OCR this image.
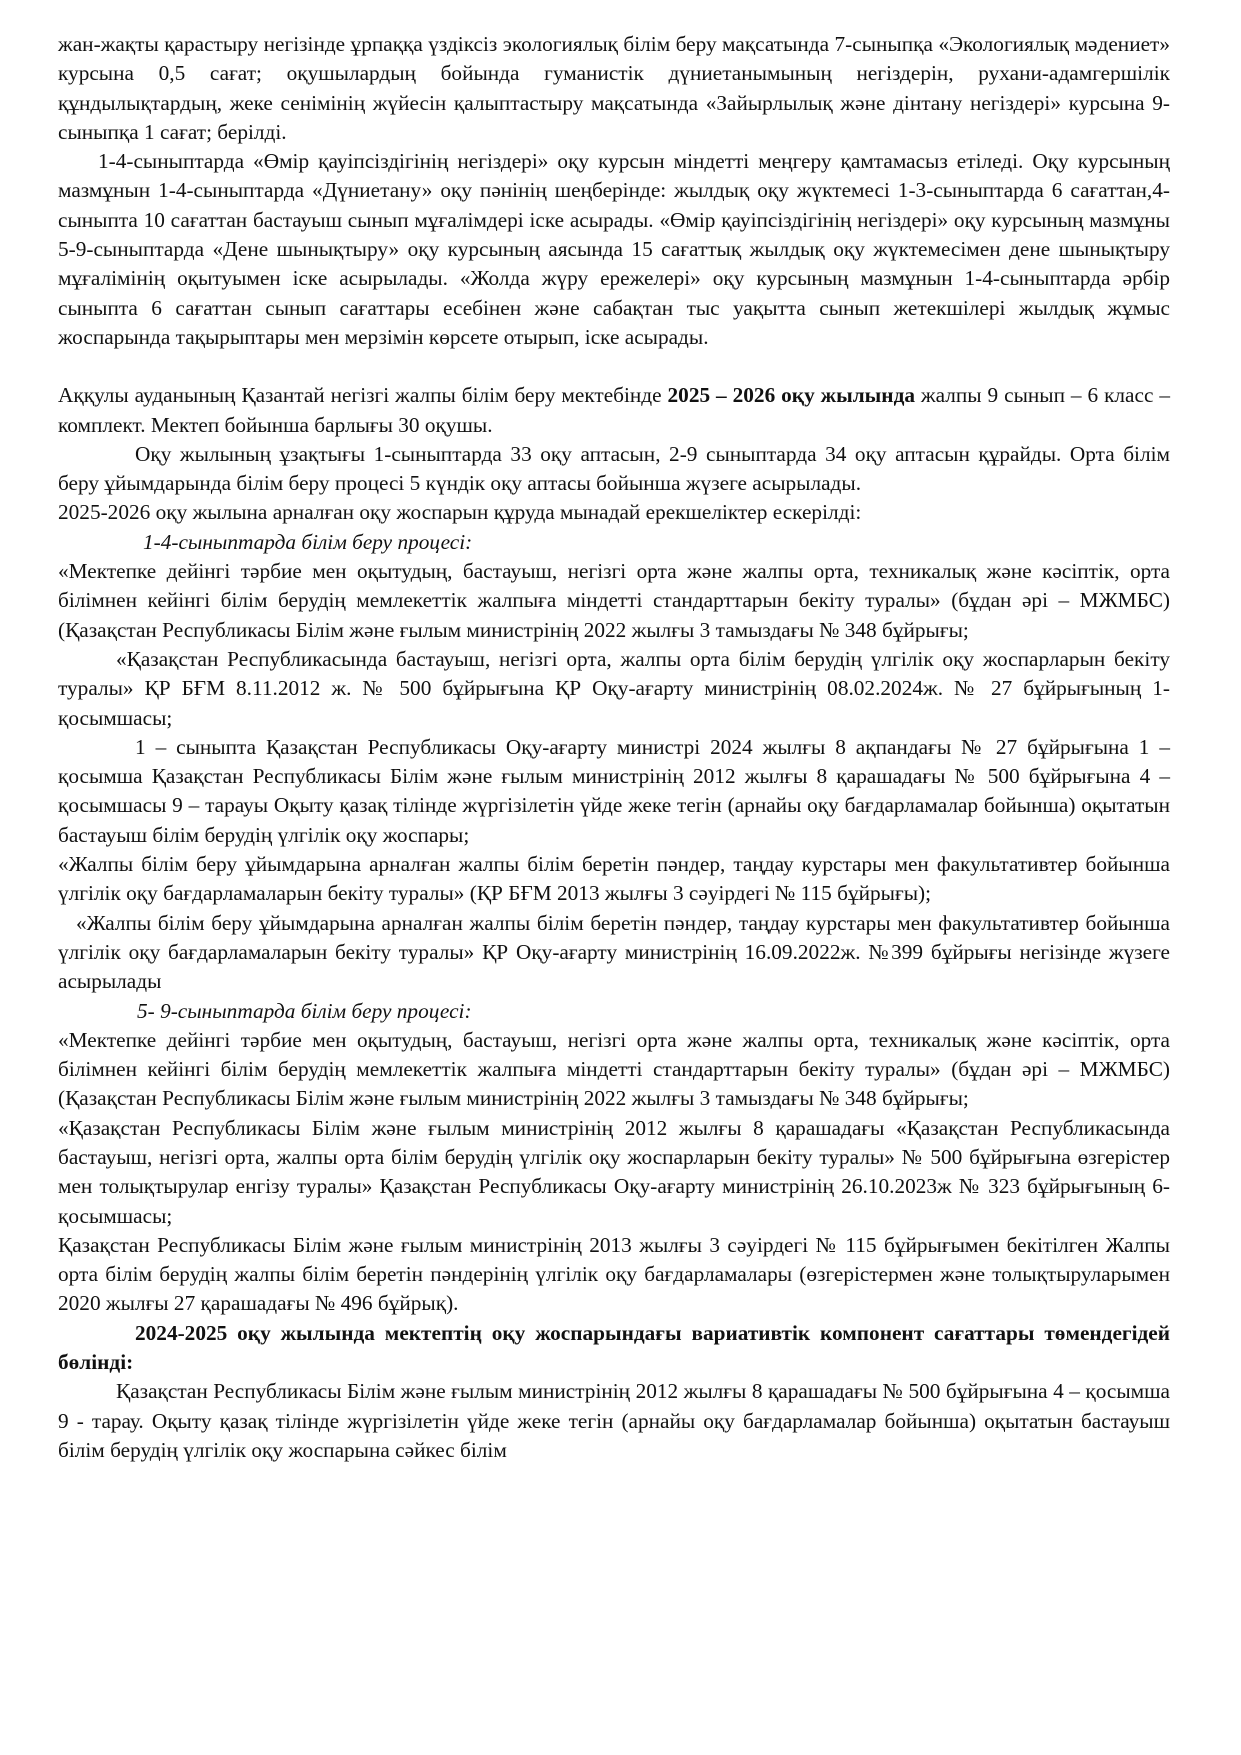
жан-жақты қарастыру негізінде ұрпаққа үздіксіз экологиялық білім беру мақсатында 7-сыныпқа «Экологиялық мәдениет» курсына 0,5 сағат; оқушылардың бойында гуманистік дүниетанымының негіздерін, рухани-адамгершілік құндылықтардың, жеке сенімінің жүйесін қалыптастыру мақсатында «Зайырлылық және дінтану негіздері» курсына 9-сыныпқа 1 сағат; берілді.

1-4-сыныптарда «Өмір қауіпсіздігінің негіздері» оқу курсын міндетті меңгеру қамтамасыз етіледі. Оқу курсының мазмұнын 1-4-сыныптарда «Дүниетану» оқу пәнінің шеңберінде: жылдық оқу жүктемесі 1-3-сыныптарда 6 сағаттан,4-сыныпта 10 сағаттан бастауыш сынып мұғалімдері іске асырады. «Өмір қауіпсіздігінің негіздері» оқу курсының мазмұны 5-9-сыныптарда «Дене шынықтыру» оқу курсының аясында 15 сағаттық жылдық оқу жүктемесімен дене шынықтыру мұғалімінің оқытуымен іске асырылады. «Жолда жүру ережелері» оқу курсының мазмұнын 1-4-сыныптарда әрбір сыныпта 6 сағаттан сынып сағаттары есебінен және сабақтан тыс уақытта сынып жетекшілері жылдық жұмыс жоспарында тақырыптары мен мерзімін көрсете отырып, іске асырады.

Аққулы ауданының Қазантай негізгі жалпы білім беру мектебінде 2025 – 2026 оқу жылында жалпы 9 сынып – 6 класс – комплект. Мектеп бойынша барлығы 30 оқушы.

Оқу жылының ұзақтығы 1-сыныптарда 33 оқу аптасын, 2-9 сыныптарда 34 оқу аптасын құрайды. Орта білім беру ұйымдарында білім беру процесі 5 күндік оқу аптасы бойынша жүзеге асырылады.

2025-2026 оқу жылына арналған оқу жоспарын құруда мынадай ерекшеліктер ескерілді:

1-4-сыныптарда білім беру процесі:

«Мектепке дейінгі тәрбие мен оқытудың, бастауыш, негізгі орта және жалпы орта, техникалық және кәсіптік, орта білімнен кейінгі білім берудің мемлекеттік жалпыға міндетті стандарттарын бекіту туралы» (бұдан әрі – МЖМБС) (Қазақстан Республикасы Білім және ғылым министрінің 2022 жылғы 3 тамыздағы № 348 бұйрығы;

«Қазақстан Республикасында бастауыш, негізгі орта, жалпы орта білім берудің үлгілік оқу жоспарларын бекіту туралы» ҚР БҒМ 8.11.2012 ж. № 500 бұйрығына ҚР Оқу-ағарту министрінің 08.02.2024ж. № 27 бұйрығының 1-қосымшасы;

1 – сыныпта Қазақстан Республикасы Оқу-ағарту министрі 2024 жылғы 8 ақпандағы № 27 бұйрығына 1 – қосымша Қазақстан Республикасы Білім және ғылым министрінің 2012 жылғы 8 қарашадағы № 500 бұйрығына 4 – қосымшасы 9 – тарауы Оқыту қазақ тілінде жүргізілетін үйде жеке тегін (арнайы оқу бағдарламалар бойынша) оқытатын бастауыш білім берудің үлгілік оқу жоспары;

«Жалпы білім беру ұйымдарына арналған жалпы білім беретін пәндер, таңдау курстары мен факультативтер бойынша үлгілік оқу бағдарламаларын бекіту туралы» (ҚР БҒМ 2013 жылғы 3 сәуірдегі № 115 бұйрығы);

«Жалпы білім беру ұйымдарына арналған жалпы білім беретін пәндер, таңдау курстары мен факультативтер бойынша үлгілік оқу бағдарламаларын бекіту туралы» ҚР Оқу-ағарту министрінің 16.09.2022ж. №399 бұйрығы негізінде жүзеге асырылады

5- 9-сыныптарда білім беру процесі:

«Мектепке дейінгі тәрбие мен оқытудың, бастауыш, негізгі орта және жалпы орта, техникалық және кәсіптік, орта білімнен кейінгі білім берудің мемлекеттік жалпыға міндетті стандарттарын бекіту туралы» (бұдан әрі – МЖМБС) (Қазақстан Республикасы Білім және ғылым министрінің 2022 жылғы 3 тамыздағы № 348 бұйрығы;

«Қазақстан Республикасы Білім және ғылым министрінің 2012 жылғы 8 қарашадағы «Қазақстан Республикасында бастауыш, негізгі орта, жалпы орта білім берудің үлгілік оқу жоспарларын бекіту туралы» № 500 бұйрығына өзгерістер мен толықтырулар енгізу туралы» Қазақстан Республикасы Оқу-ағарту министрінің 26.10.2023ж № 323 бұйрығының 6-қосымшасы;

Қазақстан Республикасы Білім және ғылым министрінің 2013 жылғы 3 сәуірдегі № 115 бұйрығымен бекітілген Жалпы орта білім берудің жалпы білім беретін пәндерінің үлгілік оқу бағдарламалары (өзгерістермен және толықтыруларымен 2020 жылғы 27 қарашадағы № 496 бұйрық).

2024-2025 оқу жылында мектептің оқу жоспарындағы вариативтік компонент сағаттары төмендегідей бөлінді:

Қазақстан Республикасы Білім және ғылым министрінің 2012 жылғы 8 қарашадағы № 500 бұйрығына 4 – қосымша 9 - тарау. Оқыту қазақ тілінде жүргізілетін үйде жеке тегін (арнайы оқу бағдарламалар бойынша) оқытатын бастауыш білім берудің үлгілік оқу жоспарына сәйкес білім
